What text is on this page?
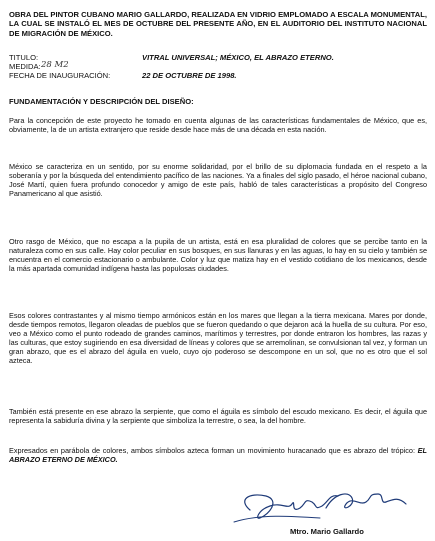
OBRA DEL PINTOR CUBANO MARIO GALLARDO, REALIZADA EN VIDRIO EMPLOMADO A ESCALA MONUMENTAL, LA CUAL SE INSTALÓ EL MES DE OCTUBRE DEL PRESENTE AÑO, EN EL AUDITORIO DEL INSTITUTO NACIONAL DE MIGRACIÓN DE MÉXICO.
TITULO:	VITRAL UNIVERSAL; MÉXICO, EL ABRAZO ETERNO.
MEDIDA: 28 M2
FECHA DE INAUGURACIÓN:	22 DE OCTUBRE DE 1998.
FUNDAMENTACIÓN Y DESCRIPCIÓN DEL DISEÑO:

Para la concepción de este proyecto he tomado en cuenta algunas de las características fundamentales de México, que es, obviamente, la de un artista extranjero que reside desde hace más de una década en esta nación.

México se caracteriza en un sentido, por su enorme solidaridad, por el brillo de su diplomacia fundada en el respeto a la soberanía y por la búsqueda del entendimiento pacífico de las naciones. Ya a finales del siglo pasado, el héroe nacional cubano, José Martí, quien fuera profundo conocedor y amigo de este país, habló de tales características a propósito del Congreso Panamericano al que asistió.

Otro rasgo de México, que no escapa a la pupila de un artista, está en esa pluralidad de colores que se percibe tanto en la naturaleza como en sus calle. Hay color peculiar en sus bosques, en sus llanuras y en las aguas, lo hay en su cielo y también se encuentra en el comercio estacionario o ambulante. Color y luz que matiza hay en el vestido cotidiano de los mexicanos, desde la más apartada comunidad indígena hasta las populosas ciudades.

Esos colores contrastantes y al mismo tiempo armónicos están en los mares que llegan a la tierra mexicana. Mares por donde, desde tiempos remotos, llegaron oleadas de pueblos que se fueron quedando o que dejaron acá la huella de su cultura. Por eso, veo a México como el punto rodeado de grandes caminos, marítimos y terrestres, por donde entraron los hombres, las razas y las culturas, que estoy sugiriendo en esa diversidad de líneas y colores que se arremolinan, se convulsionan tal vez, y forman un gran abrazo, que es el abrazo del águila en vuelo, cuyo ojo poderoso se descompone en un sol, que no es otro que el sol azteca.

También está presente en ese abrazo la serpiente, que como el águila es símbolo del escudo mexicano. Es decir, el águila que representa la sabiduría divina y la serpiente que simboliza la terrestre, o sea, la del hombre.

Expresados en parábola de colores, ambos símbolos azteca forman un movimiento huracanado que es abrazo del trópico: EL ABRAZO ETERNO DE MÉXICO.

Mtro. Mario Gallardo
